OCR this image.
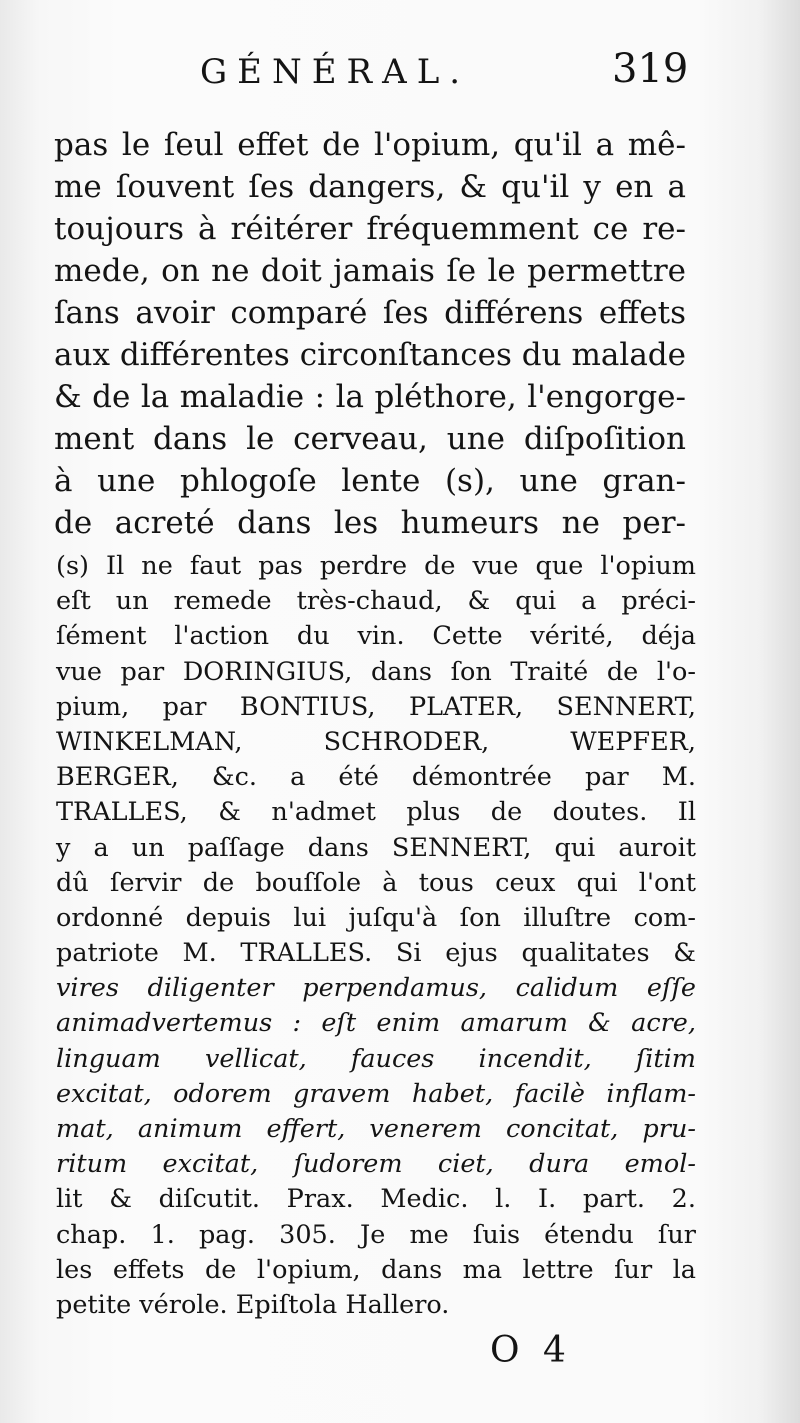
GÉNÉRAL.	319
pas le ſeul effet de l'opium, qu'il a mê-
me ſouvent ſes dangers, & qu'il y en a
toujours à réitérer fréquemment ce re-
mede, on ne doit jamais ſe le permettre
ſans avoir comparé ſes différens effets
aux différentes circonſtances du malade
& de la maladie : la pléthore, l'engorge-
ment dans le cerveau, une diſpoſition
à une phlogoſe lente (s), une gran-
de acreté dans les humeurs ne per-
(s) Il ne faut pas perdre de vue que l'opium
eſt un remede très-chaud, & qui a préci-
ſément l'action du vin. Cette vérité, déja
vue par DORINGIUS, dans ſon Traité de l'o-
pium, par BONTIUS, PLATER, SENNERT,
WINKELMAN, SCHRODER, WEPFER,
BERGER, &c. a été démontrée par M.
TRALLES, & n'admet plus de doutes. Il
y a un paſſage dans SENNERT, qui auroit
dû ſervir de bouſſole à tous ceux qui l'ont
ordonné depuis lui juſqu'à ſon illuſtre com-
patriote M. TRALLES. Si ejus qualitates &
vires diligenter perpendamus, calidum eſſe
animadvertemus : eſt enim amarum & acre,
linguam vellicat, fauces incendit, ſitim
excitat, odorem gravem habet, facilè inflam-
mat, animum effert, venerem concitat, pru-
ritum excitat, ſudorem ciet, dura emol-
lit & diſcutit. Prax. Medic. l. I. part. 2.
chap. 1. pag. 305. Je me ſuis étendu ſur
les effets de l'opium, dans ma lettre ſur la
petite vérole. Epiſtola Hallero.
O 4
